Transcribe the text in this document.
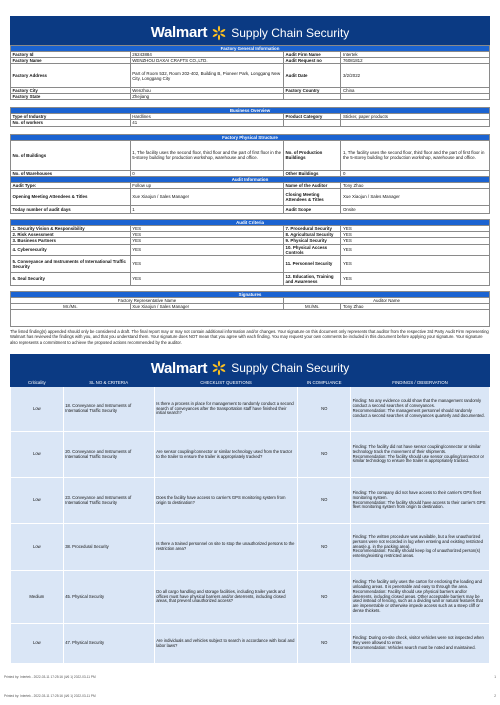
Walmart Supply Chain Security
Factory General Information			
Factory Id	26243884	Audit Firm Name	Intertek
Factory Name	WENZHOU DAXAI CRAFTS CO.,LTD.	Audit Request no	76081812
Factory Address	Part of Room 532, Room 202-402, Building B, Pioneer Park, Longgang New City, Longgang City	Audit Date	3/2/2022
Factory City	Wenzhou	Factory Country	China
Factory State	Zhejiang		

Business Overview			
Type of Industry	Hardlines	Product Category	Sticker, paper products
No. of workers	41		

Factory Physical Structure			
No. of Buildings	1, The facility uses the second floor, third floor and the part of first floor in the 5-storey building for production workshop, warehouse and office.	No. of Production Buildings	1, The facility uses the second floor, third floor and the part of first floor in the 5-storey building for production workshop, warehouse and office.
No. of Warehouses	0	Other Buildings	0
Audit Information			
Audit Type:	Follow up	Name of the Auditor	Tony Zhao
Opening Meeting Attendees & Titles	Xue Xiaojun / Sales Manager	Closing Meeting Attendees & Titles	Xue Xiaojun / Sales Manager
Today number of audit days	1	Audit Scope	Onsite

Audit Criteria			
1. Security Vision & Responsibility	YES	7. Procedural Security	YES
2. Risk Assessment	YES	8. Agricultural Security	YES
3. Business Partners	YES	9. Physical Security	YES
4. Cybersecurity	YES	10. Physical Access Controls	YES
5. Conveyance and Instruments of International Traffic Security	YES	11. Personnel Security	YES
6. Seal Security	YES	12. Education, Training and Awareness	YES

Signatures			
Factory Representative Name		Auditor Name	
Mr./Ms.	Xue Xiaojun / Sales Manager	Mr./Ms.	Tony Zhao

The listed finding(s) appended should only be considered a draft. The final report may or may not contain additional information and/or changes. Your signature on this document only represents that auditor from the respective 3rd Party Audit Firm representing Walmart has reviewed the findings with you, and that you understand them. Your signature does NOT mean that you agree with each finding. You may request your own comments be included in this document before applying your signature. Your signature also represents a commitment to achieve the proposed actions recommended by the auditor.
Walmart Supply Chain Security
Criticality	SL NO & CRITERIA	CHECKLIST QUESTIONS	IN COMPLIANCE	FINDINGS / OBSERVATION
Low	18. Conveyance and Instruments of International Traffic Security	Is there a process in place for management to randomly conduct a second search of conveyances after the transportation staff have finished their initial search?	NO	Finding: No any evidence could show that the management randomly conduct a second searches of conveyances.
Recommendation: The management personnel should randomly conduct a second searches of conveyances quarterly and documented.
Low	20. Conveyance and Instruments of International Traffic Security	Are sensor coupling/connector or similar technology used from the tractor to the trailer to ensure the trailer is appropriately tracked?	NO	Finding: The facility did not have sensor coupling/connector or similar technology track the movement of their shipments.
Recommendation: The facility should use sensor coupling/connector or similar technology to ensure the trailer is appropriately tracked.
Low	23. Conveyance and Instruments of International Traffic Security	Does the facility have access to carrier's GPS monitoring system from origin to destination?	NO	Finding: The company did not have access to their carrier's GPS fleet monitoring system.
Recommendation: The facility should have access to their carrier's GPS fleet monitoring system from origin to destination.
Low	38. Procedural Security	Is there a trained personnel on site to stop the unauthorized persons to the restriction area?	NO	Finding: The written procedure was available, but a few unauthorized persons were not recorded in log when entering and existing restricted areas(e.g. in the packing area).
Recommendation: Facility should keep log of unauthorized person(s) entering/existing restricted areas.
Medium	45. Physical Security	Do all cargo handling and storage facilities, including trailer yards and offices must have physical barriers and/or deterrents, including closed areas, that prevent unauthorized access?	NO	Finding: The facility only uses the carton for enclosing the loading and unloading areas. It is penetrable and easy to through the area.
Recommendation: Facility should use physical barriers and/or deterrents, including closed areas. Other acceptable barriers may be used instead of fencing, such as a dividing wall or natural features that are impenetrable or otherwise impede access such as a steep cliff or dense thickets.
Low	47. Physical Security	Are individuals and vehicles subject to search in accordance with local and labor laws?	NO	Finding: During on-site check, visitor vehicles were not inspected when they were allowed to enter.
Recommendation: Vehicles search must be noted and maintained.
Printed by: Intertek - 2022-03-11 17:25:16 (4/6 1) 2022-03-11 PM	1
Printed by: Intertek - 2022-03-11 17:25:16 (4/6 1) 2022-03-11 PM	2
